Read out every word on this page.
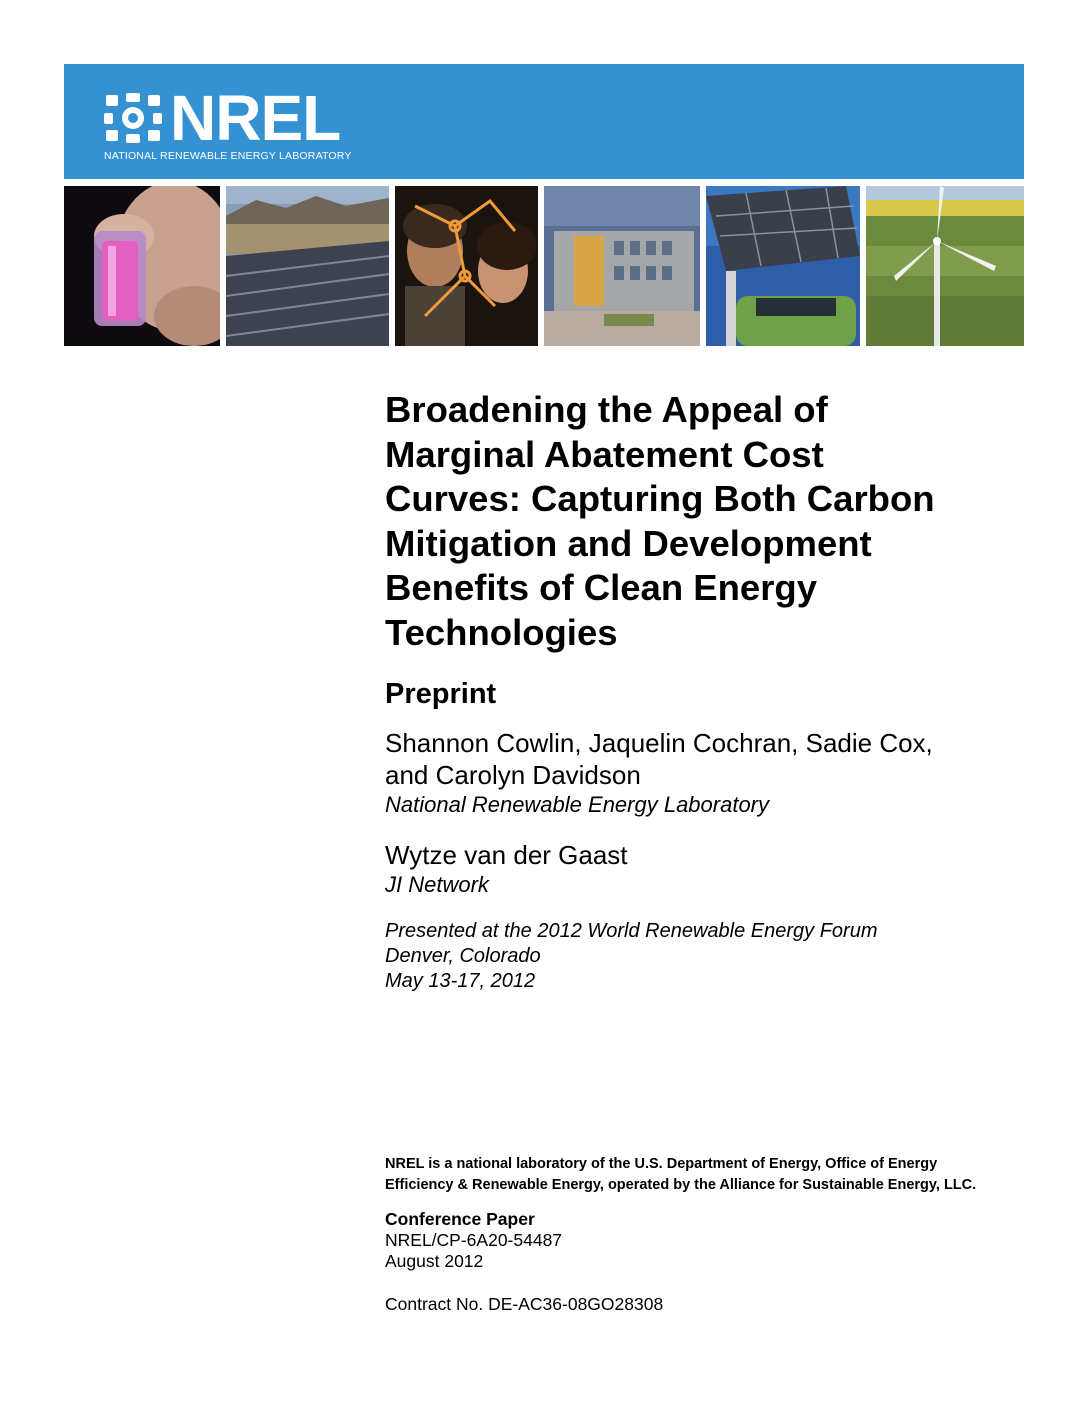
NREL
NATIONAL RENEWABLE ENERGY LABORATORY
Broadening the Appeal of
Marginal Abatement Cost
Curves: Capturing Both Carbon
Mitigation and Development
Benefits of Clean Energy
Technologies
Preprint
Shannon Cowlin, Jaquelin Cochran, Sadie Cox,
and Carolyn Davidson
National Renewable Energy Laboratory
Wytze van der Gaast
JI Network
Presented at the 2012 World Renewable Energy Forum
Denver, Colorado
May 13-17, 2012
NREL is a national laboratory of the U.S. Department of Energy, Office of Energy
Efficiency & Renewable Energy, operated by the Alliance for Sustainable Energy, LLC.
Conference Paper
NREL/CP-6A20-54487
August 2012
Contract No. DE-AC36-08GO28308
